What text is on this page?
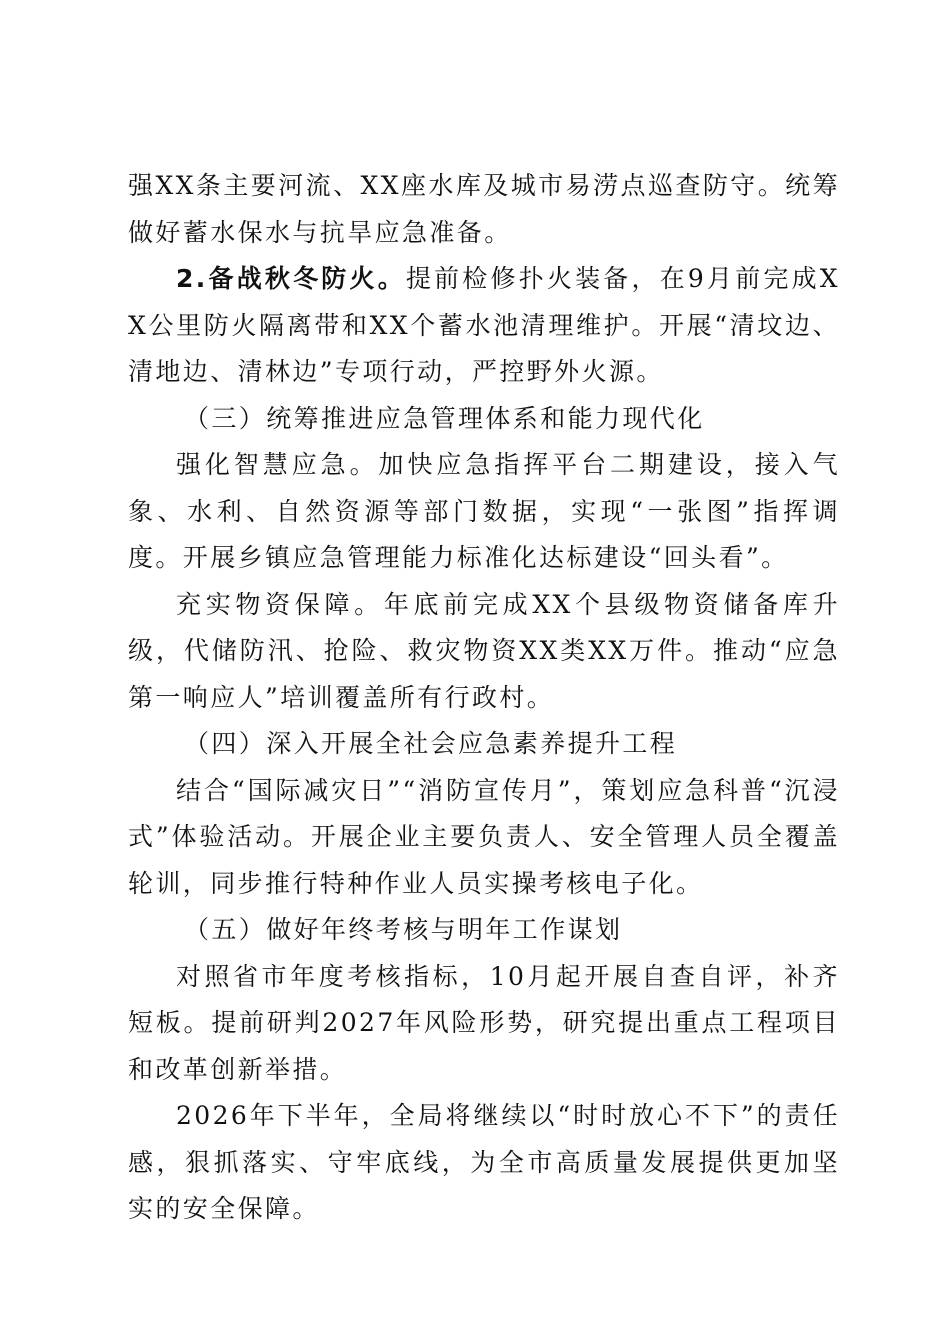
强XX条主要河流、XX座水库及城市易涝点巡查防守。统筹做好蓄水保水与抗旱应急准备。

2.备战秋冬防火。提前检修扑火装备，在9月前完成XX公里防火隔离带和XX个蓄水池清理维护。开展“清坟边、清地边、清林边”专项行动，严控野外火源。

（三）统筹推进应急管理体系和能力现代化

强化智慧应急。加快应急指挥平台二期建设，接入气象、水利、自然资源等部门数据，实现“一张图”指挥调度。开展乡镇应急管理能力标准化达标建设“回头看”。

充实物资保障。年底前完成XX个县级物资储备库升级，代储防汛、抢险、救灾物资XX类XX万件。推动“应急第一响应人”培训覆盖所有行政村。

（四）深入开展全社会应急素养提升工程

结合“国际减灾日”“消防宣传月”，策划应急科普“沉浸式”体验活动。开展企业主要负责人、安全管理人员全覆盖轮训，同步推行特种作业人员实操考核电子化。

（五）做好年终考核与明年工作谋划

对照省市年度考核指标，10月起开展自查自评，补齐短板。提前研判2027年风险形势，研究提出重点工程项目和改革创新举措。

2026年下半年，全局将继续以“时时放心不下”的责任感，狠抓落实、守牢底线，为全市高质量发展提供更加坚实的安全保障。
